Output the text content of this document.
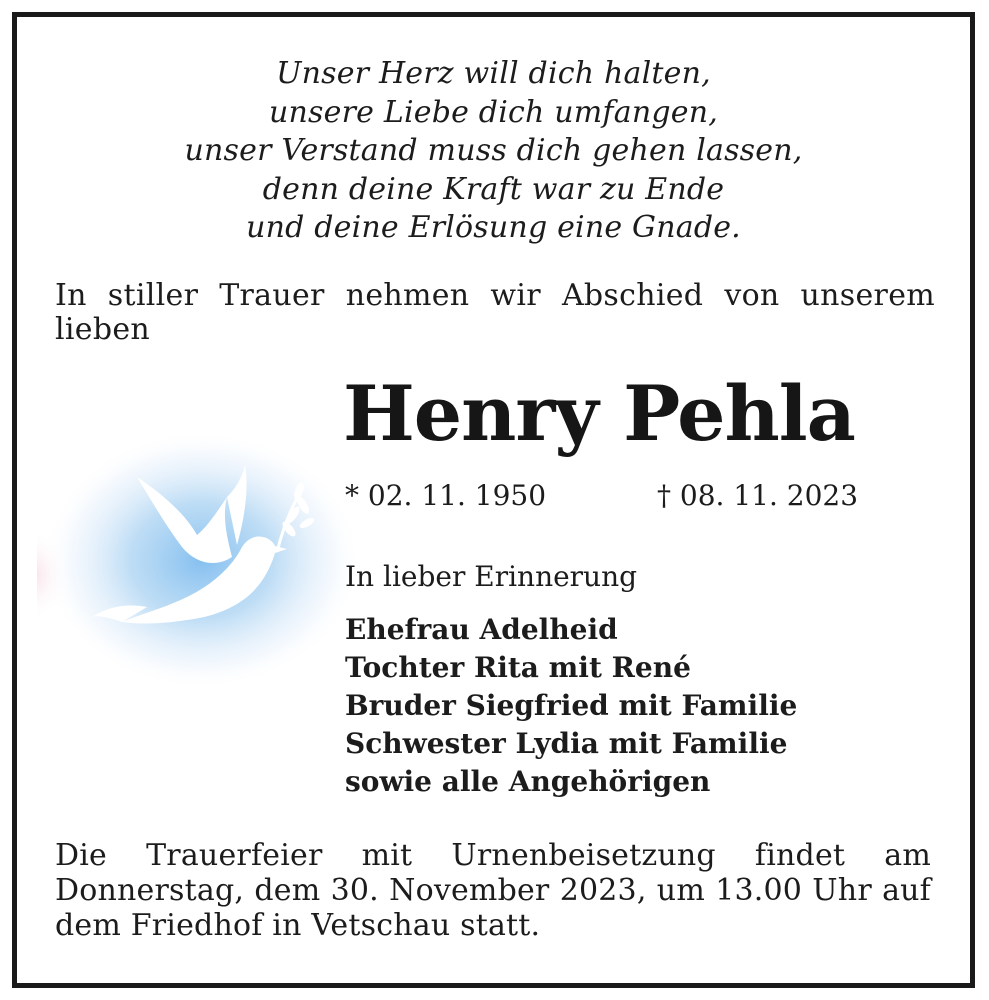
Unser Herz will dich halten,
unsere Liebe dich umfangen,
unser Verstand muss dich gehen lassen,
denn deine Kraft war zu Ende
und deine Erlösung eine Gnade.
In stiller Trauer nehmen wir Abschied von unserem lieben
Henry Pehla
* 02. 11. 1950	† 08. 11. 2023
In lieber Erinnerung
Ehefrau Adelheid
Tochter Rita mit René
Bruder Siegfried mit Familie
Schwester Lydia mit Familie
sowie alle Angehörigen
Die Trauerfeier mit Urnenbeisetzung findet am Donnerstag, dem 30. November 2023, um 13.00 Uhr auf dem Friedhof in Vetschau statt.
